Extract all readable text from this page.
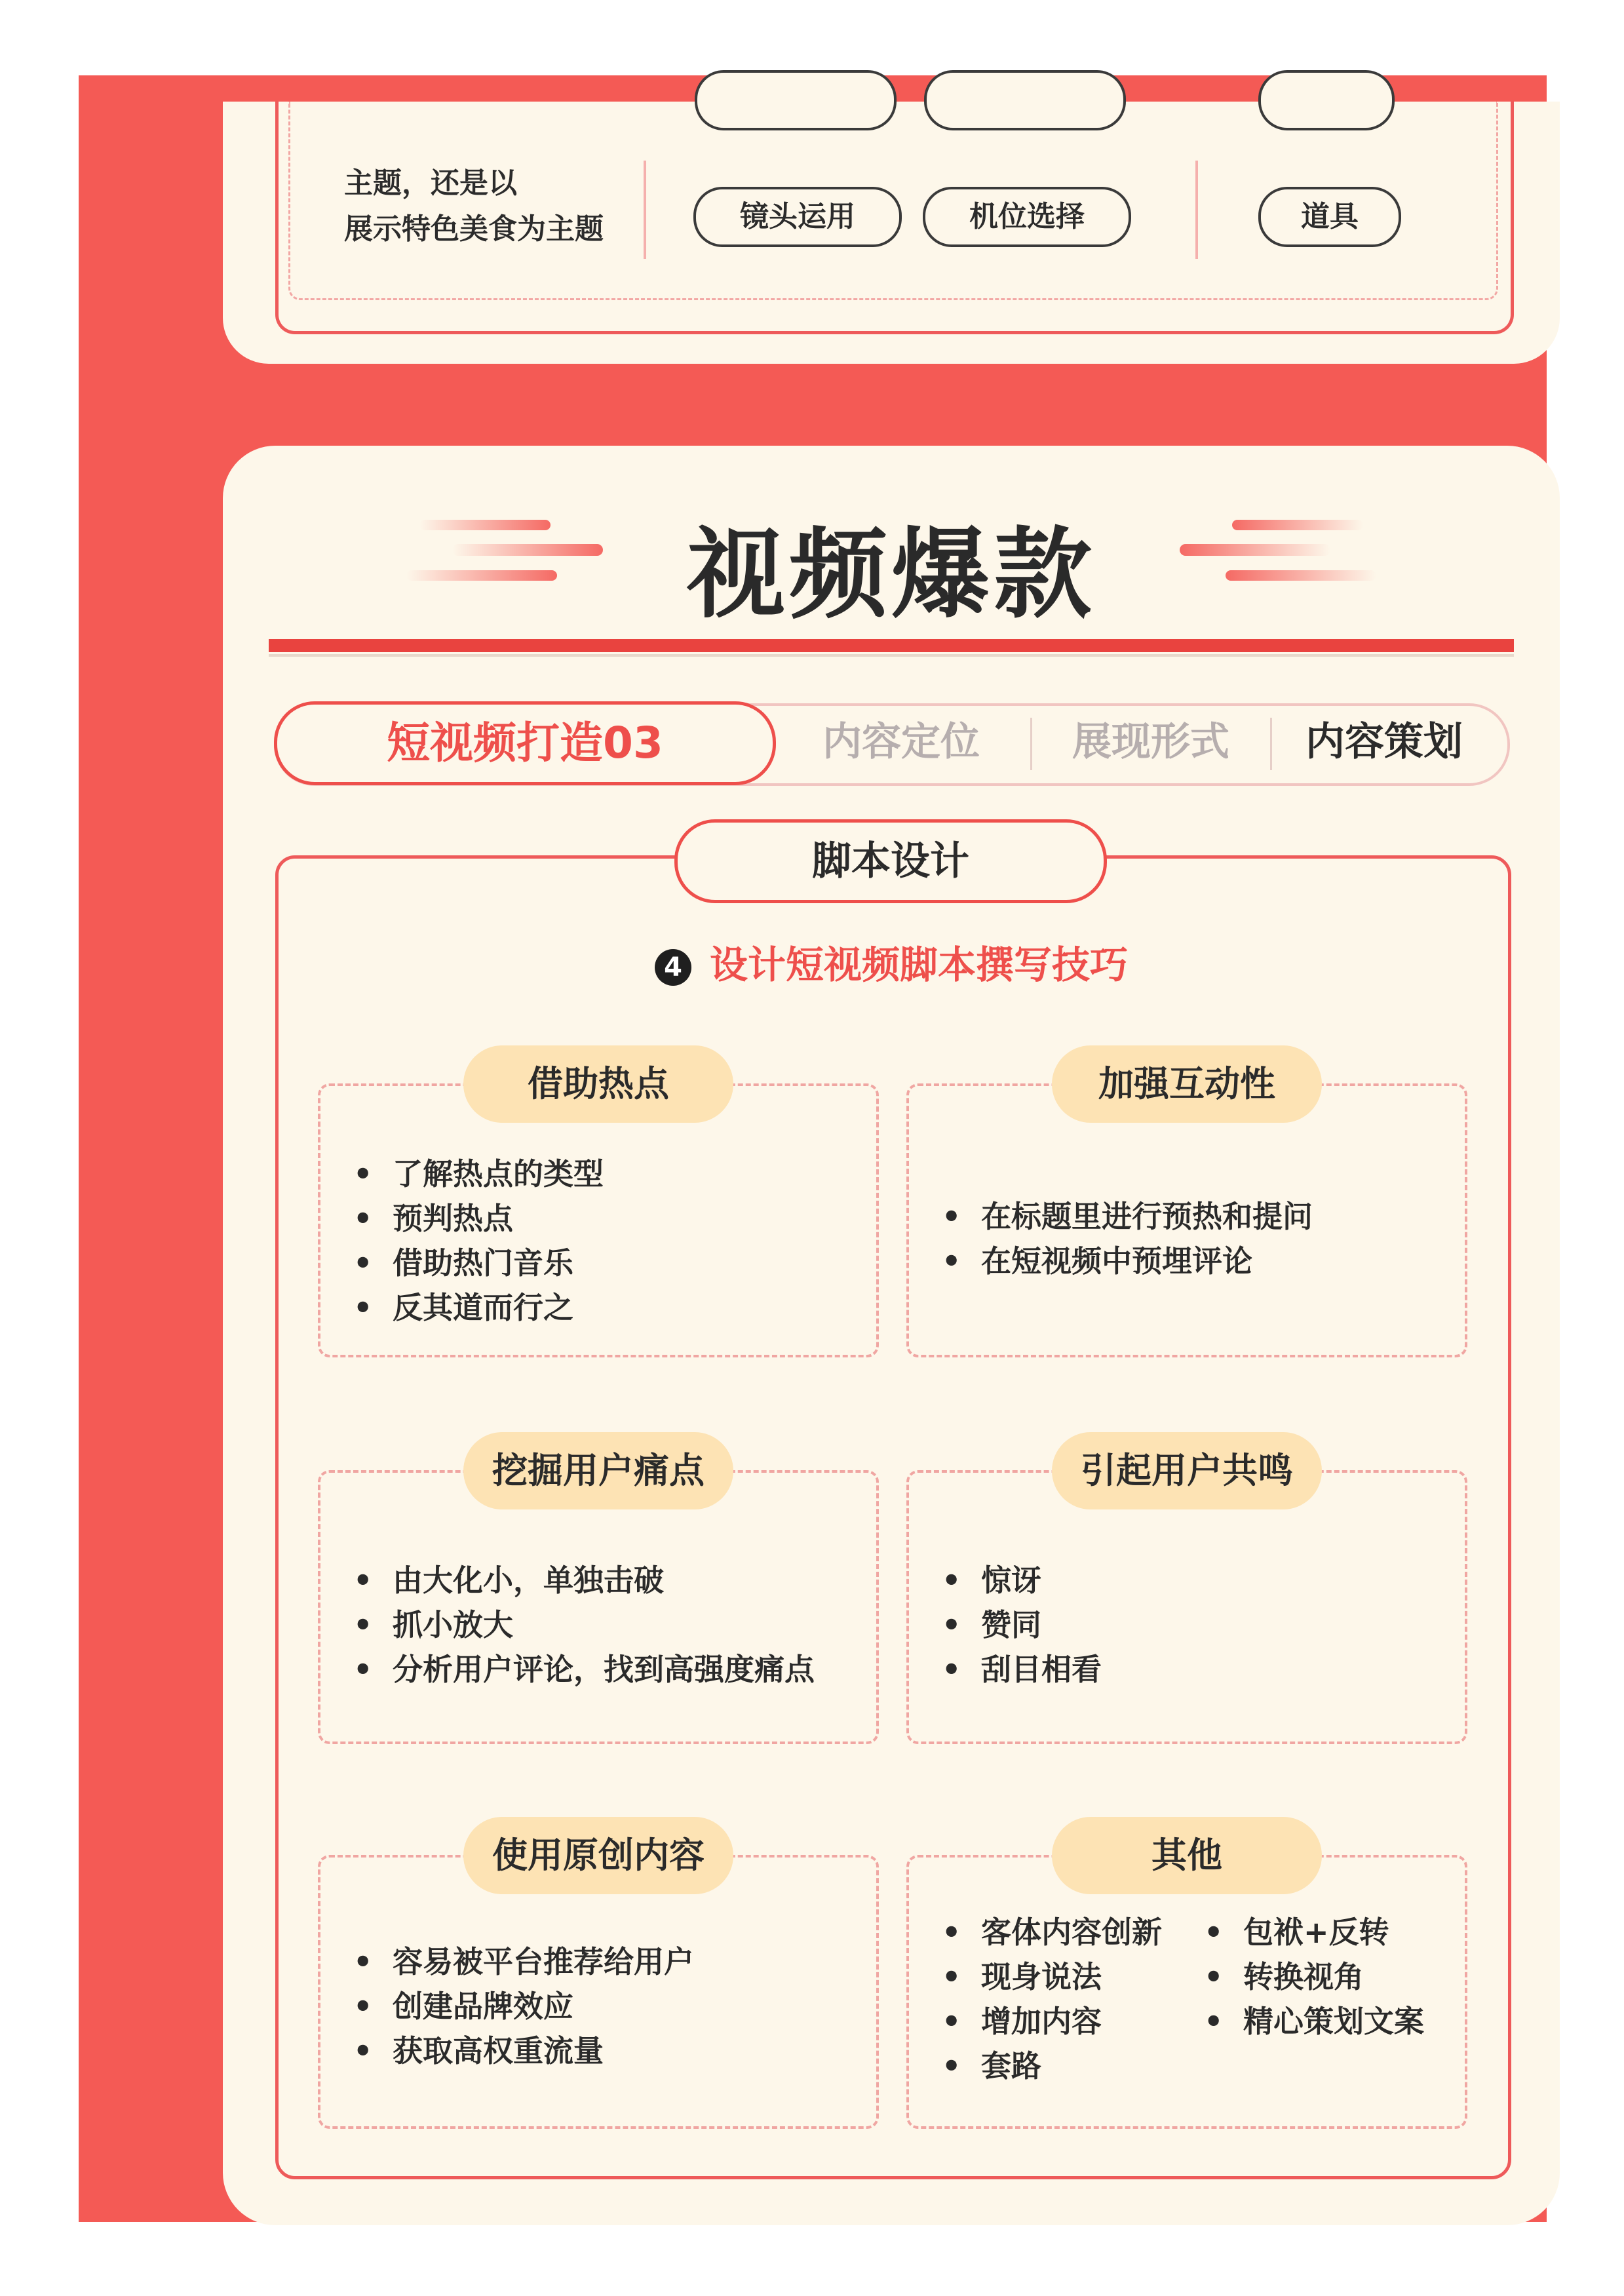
主题，还是以
展示特色美食为主题	镜头运用	机位选择	道具
视频爆款
内容定位	展现形式	内容策划
短视频打造03
脚本设计
4 设计短视频脚本撰写技巧
借助热点
• 了解热点的类型
• 预判热点
• 借助热门音乐
• 反其道而行之
加强互动性
• 在标题里进行预热和提问
• 在短视频中预埋评论
挖掘用户痛点
• 由大化小，单独击破
• 抓小放大
• 分析用户评论，找到高强度痛点
引起用户共鸣
• 惊讶
• 赞同
• 刮目相看
使用原创内容
• 容易被平台推荐给用户
• 创建品牌效应
• 获取高权重流量
其他
• 客体内容创新
• 现身说法
• 增加内容
• 套路
• 包袱+反转
• 转换视角
• 精心策划文案
